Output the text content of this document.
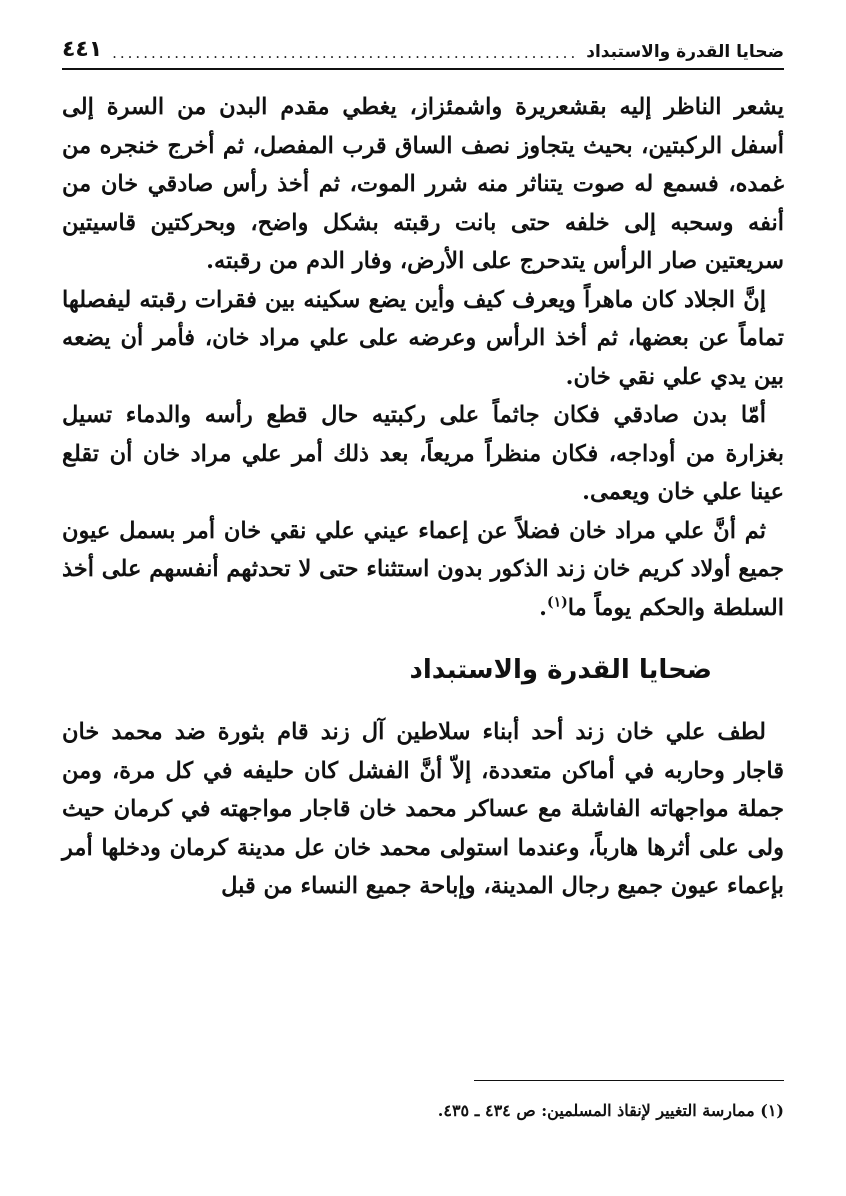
ضحايا القدرة والاستبداد
.....
٤٤١

يشعر الناظر إليه بقشعريرة واشمئزاز، يغطي مقدم البدن من السرة إلى أسفل الركبتين، بحيث يتجاوز نصف الساق قرب المفصل، ثم أخرج خنجره من غمده، فسمع له صوت يتناثر منه شرر الموت، ثم أخذ رأس صادقي خان من أنفه وسحبه إلى خلفه حتى بانت رقبته بشكل واضح، وبحركتين قاسيتين سريعتين صار الرأس يتدحرج على الأرض، وفار الدم من رقبته.

إنَّ الجلاد كان ماهراً ويعرف كيف وأين يضع سكينه بين فقرات رقبته ليفصلها تماماً عن بعضها، ثم أخذ الرأس وعرضه على علي مراد خان، فأمر أن يضعه بين يدي علي نقي خان.

أمّا بدن صادقي فكان جاثماً على ركبتيه حال قطع رأسه والدماء تسيل بغزارة من أوداجه، فكان منظراً مريعاً، بعد ذلك أمر علي مراد خان أن تقلع عينا علي خان ويعمى.

ثم أنَّ علي مراد خان فضلاً عن إعماء عيني علي نقي خان أمر بسمل عيون جميع أولاد كريم خان زند الذكور بدون استثناء حتى لا تحدثهم أنفسهم على أخذ السلطة والحكم يوماً ما$^{(١)}$.

ضحايا القدرة والاستبداد

لطف علي خان زند أحد أبناء سلاطين آل زند قام بثورة ضد محمد خان قاجار وحاربه في أماكن متعددة، إلاّ أنَّ الفشل كان حليفه في كل مرة، ومن جملة مواجهاته الفاشلة مع عساكر محمد خان قاجار مواجهته في كرمان حيث ولى على أثرها هارباً، وعندما استولى محمد خان عل مدينة كرمان ودخلها أمر بإعماء عيون جميع رجال المدينة، وإباحة جميع النساء من قبل

(١) ممارسة التغيير لإنقاذ المسلمين: ص ٤٣٤ ـ ٤٣٥.
